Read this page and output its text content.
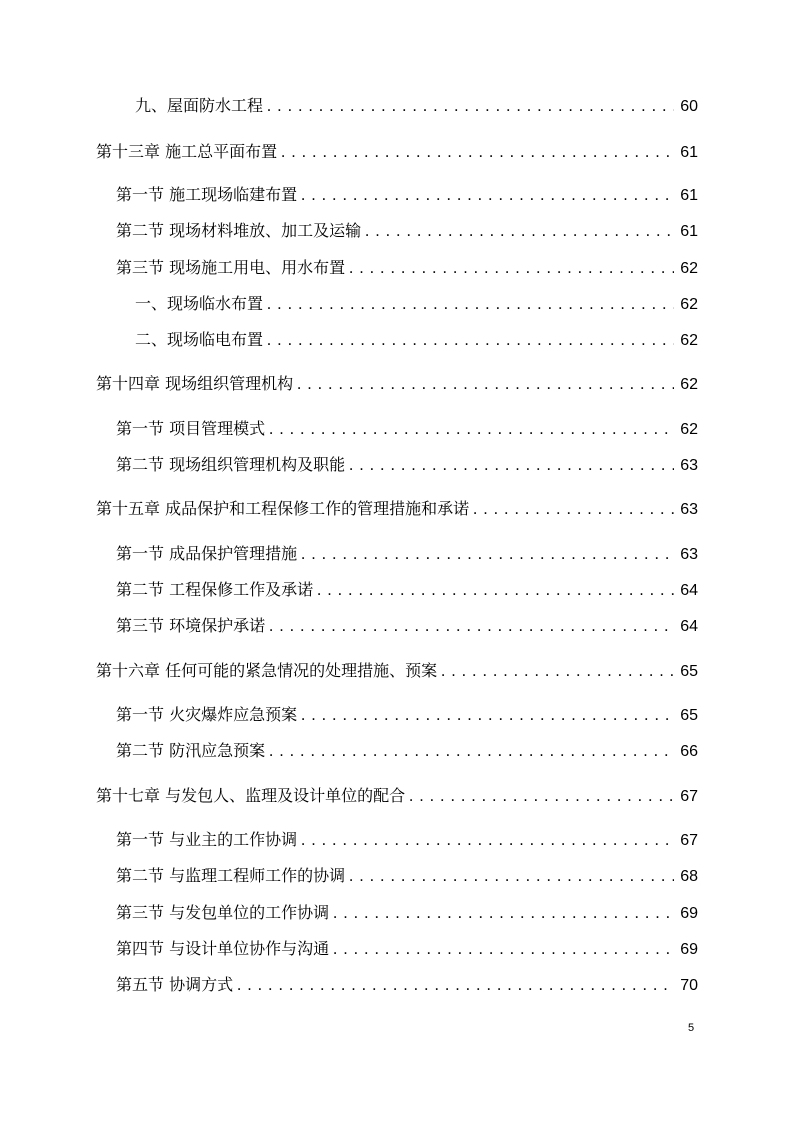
九、屋面防水工程 . . .	60
第十三章 施工总平面布置 . . .	61
第一节 施工现场临建布置 . . .	61
第二节 现场材料堆放、加工及运输 . . .	61
第三节 现场施工用电、用水布置 . . .	62
一、现场临水布置 . . .	62
二、现场临电布置 . . .	62
第十四章 现场组织管理机构 . . .	62
第一节 项目管理模式 . . .	62
第二节 现场组织管理机构及职能 . . .	63
第十五章 成品保护和工程保修工作的管理措施和承诺 . . .	63
第一节 成品保护管理措施 . . .	63
第二节 工程保修工作及承诺 . . .	64
第三节 环境保护承诺 . . .	64
第十六章 任何可能的紧急情况的处理措施、预案 . . .	65
第一节 火灾爆炸应急预案 . . .	65
第二节 防汛应急预案 . . .	66
第十七章 与发包人、监理及设计单位的配合 . . .	67
第一节 与业主的工作协调 . . .	67
第二节 与监理工程师工作的协调 . . .	68
第三节 与发包单位的工作协调 . . .	69
第四节 与设计单位协作与沟通 . . .	69
第五节 协调方式 . . .	70
5
